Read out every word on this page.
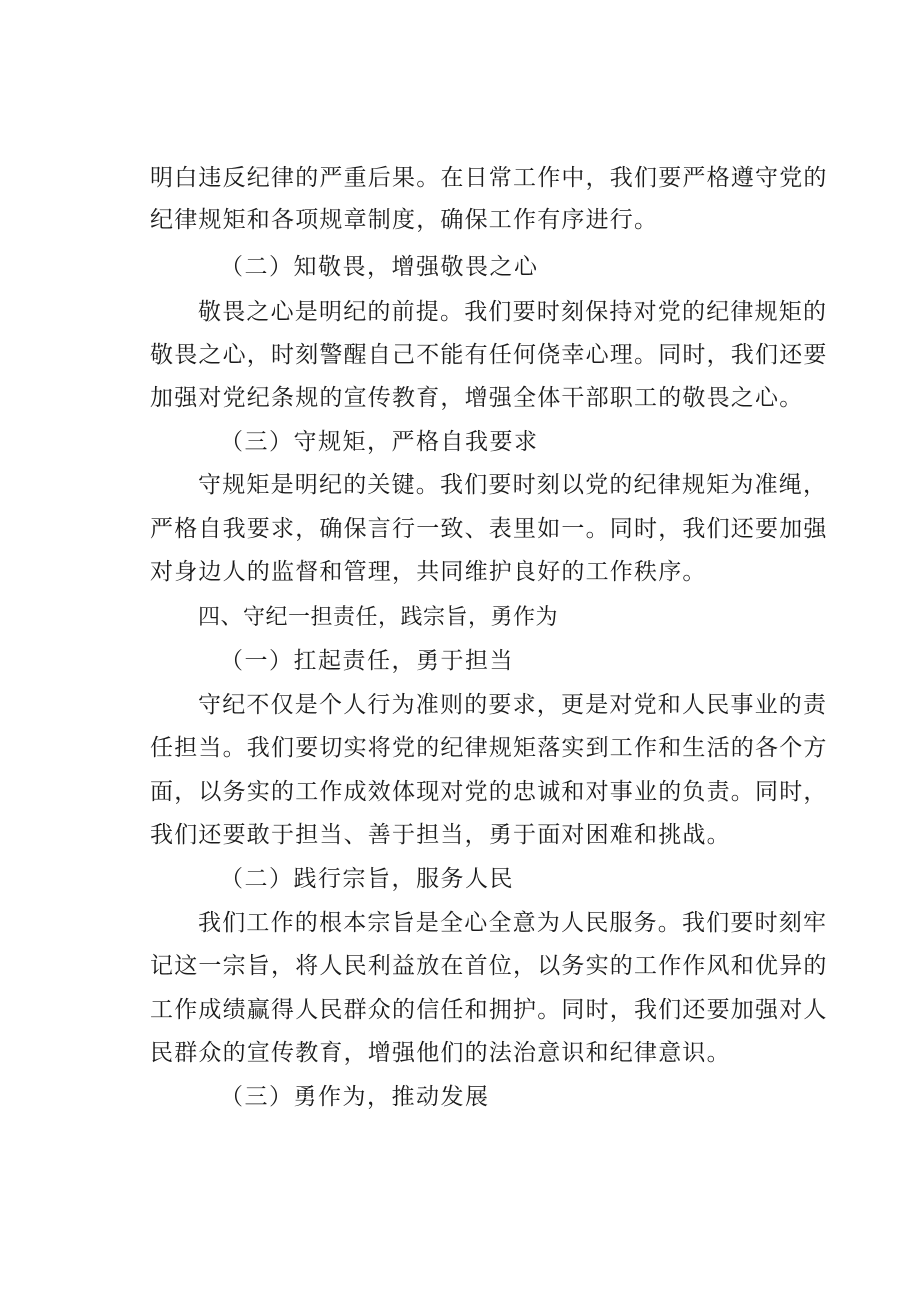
明白违反纪律的严重后果。在日常工作中，我们要严格遵守党的
纪律规矩和各项规章制度，确保工作有序进行。
（二）知敬畏，增强敬畏之心
敬畏之心是明纪的前提。我们要时刻保持对党的纪律规矩的
敬畏之心，时刻警醒自己不能有任何侥幸心理。同时，我们还要
加强对党纪条规的宣传教育，增强全体干部职工的敬畏之心。
（三）守规矩，严格自我要求
守规矩是明纪的关键。我们要时刻以党的纪律规矩为准绳，
严格自我要求，确保言行一致、表里如一。同时，我们还要加强
对身边人的监督和管理，共同维护良好的工作秩序。
四、守纪一担责任，践宗旨，勇作为
（一）扛起责任，勇于担当
守纪不仅是个人行为准则的要求，更是对党和人民事业的责
任担当。我们要切实将党的纪律规矩落实到工作和生活的各个方
面，以务实的工作成效体现对党的忠诚和对事业的负责。同时，
我们还要敢于担当、善于担当，勇于面对困难和挑战。
（二）践行宗旨，服务人民
我们工作的根本宗旨是全心全意为人民服务。我们要时刻牢
记这一宗旨，将人民利益放在首位，以务实的工作作风和优异的
工作成绩赢得人民群众的信任和拥护。同时，我们还要加强对人
民群众的宣传教育，增强他们的法治意识和纪律意识。
（三）勇作为，推动发展
